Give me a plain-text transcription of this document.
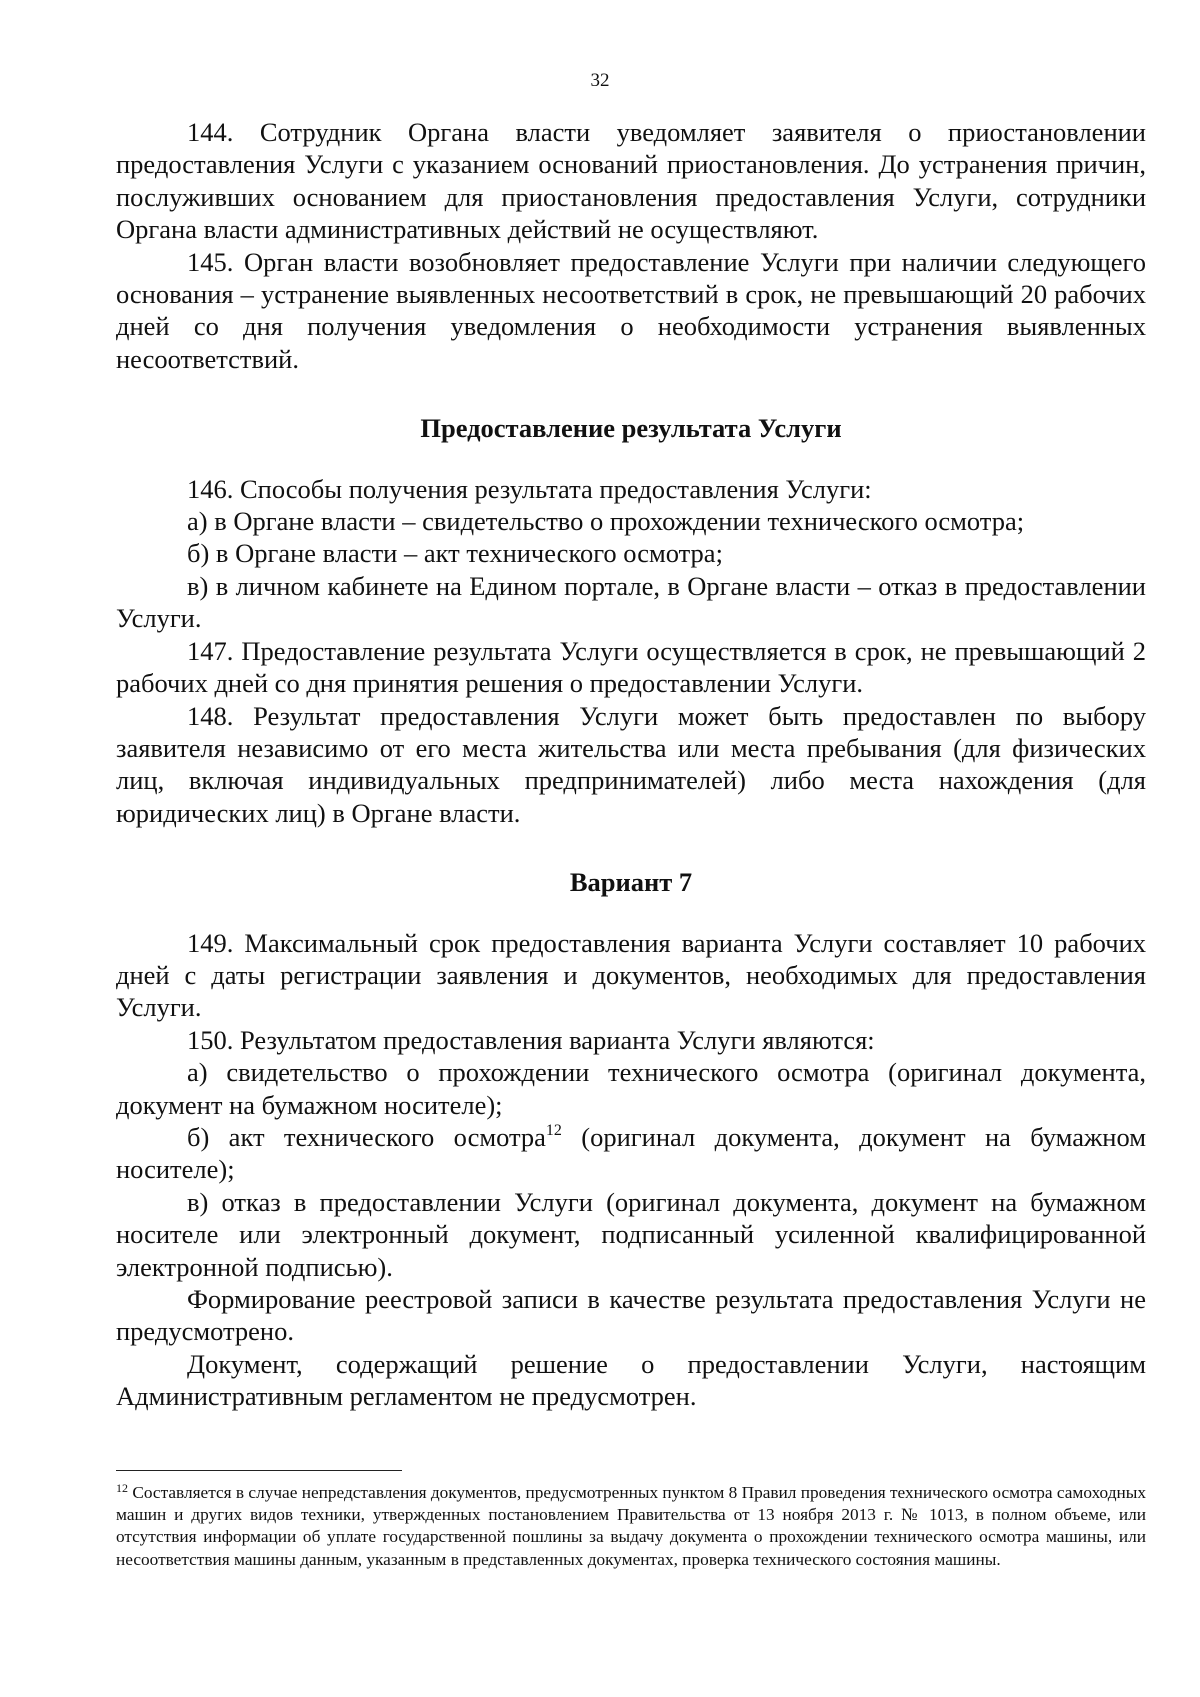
32

144. Сотрудник Органа власти уведомляет заявителя о приостановлении предоставления Услуги с указанием оснований приостановления. До устранения причин, послуживших основанием для приостановления предоставления Услуги, сотрудники Органа власти административных действий не осуществляют.

145. Орган власти возобновляет предоставление Услуги при наличии следующего основания – устранение выявленных несоответствий в срок, не превышающий 20 рабочих дней со дня получения уведомления о необходимости устранения выявленных несоответствий.

Предоставление результата Услуги

146. Способы получения результата предоставления Услуги:

а) в Органе власти – свидетельство о прохождении технического осмотра;

б) в Органе власти – акт технического осмотра;

в) в личном кабинете на Едином портале, в Органе власти – отказ в предоставлении Услуги.

147. Предоставление результата Услуги осуществляется в срок, не превышающий 2 рабочих дней со дня принятия решения о предоставлении Услуги.

148. Результат предоставления Услуги может быть предоставлен по выбору заявителя независимо от его места жительства или места пребывания (для физических лиц, включая индивидуальных предпринимателей) либо места нахождения (для юридических лиц) в Органе власти.

Вариант 7

149. Максимальный срок предоставления варианта Услуги составляет 10 рабочих дней с даты регистрации заявления и документов, необходимых для предоставления Услуги.

150. Результатом предоставления варианта Услуги являются:

а) свидетельство о прохождении технического осмотра (оригинал документа, документ на бумажном носителе);

б) акт технического осмотра$^{12}$ (оригинал документа, документ на бумажном носителе);

в) отказ в предоставлении Услуги (оригинал документа, документ на бумажном носителе или электронный документ, подписанный усиленной квалифицированной электронной подписью).

Формирование реестровой записи в качестве результата предоставления Услуги не предусмотрено.

Документ, содержащий решение о предоставлении Услуги, настоящим Административным регламентом не предусмотрен.

$^{12}$ Составляется в случае непредставления документов, предусмотренных пунктом 8 Правил проведения технического осмотра самоходных машин и других видов техники, утвержденных постановлением Правительства от 13 ноября 2013 г. № 1013, в полном объеме, или отсутствия информации об уплате государственной пошлины за выдачу документа о прохождении технического осмотра машины, или несоответствия машины данным, указанным в представленных документах, проверка технического состояния машины.
